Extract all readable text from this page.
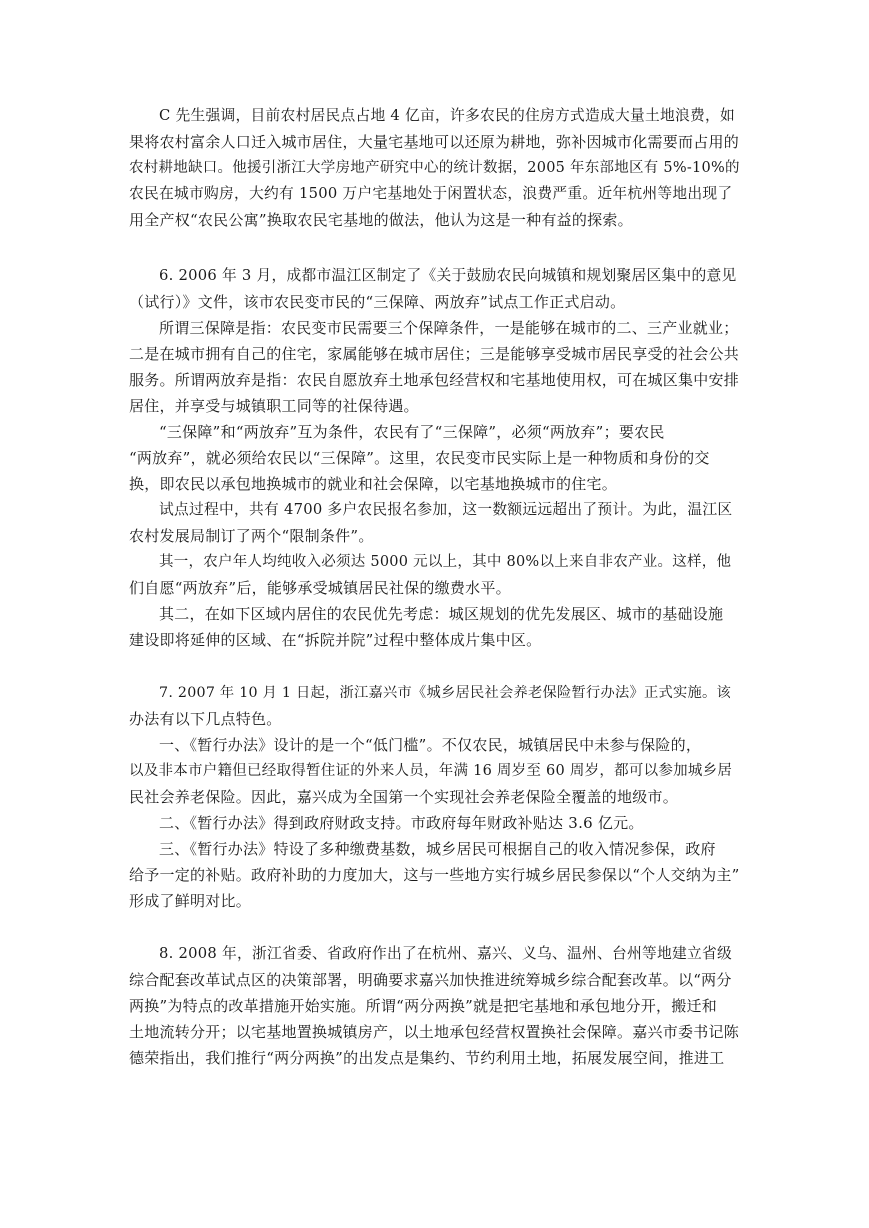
C 先生强调，目前农村居民点占地 4 亿亩，许多农民的住房方式造成大量土地浪费，如
果将农村富余人口迁入城市居住，大量宅基地可以还原为耕地，弥补因城市化需要而占用的
农村耕地缺口。他援引浙江大学房地产研究中心的统计数据，2005 年东部地区有 5%-10%的
农民在城市购房，大约有 1500 万户宅基地处于闲置状态，浪费严重。近年杭州等地出现了
用全产权“农民公寓”换取农民宅基地的做法，他认为这是一种有益的探索。
6. 2006 年 3 月，成都市温江区制定了《关于鼓励农民向城镇和规划聚居区集中的意见
（试行）》文件，该市农民变市民的“三保障、两放弃”试点工作正式启动。
所谓三保障是指：农民变市民需要三个保障条件，一是能够在城市的二、三产业就业；
二是在城市拥有自己的住宅，家属能够在城市居住；三是能够享受城市居民享受的社会公共
服务。所谓两放弃是指：农民自愿放弃土地承包经营权和宅基地使用权，可在城区集中安排
居住，并享受与城镇职工同等的社保待遇。
“三保障”和“两放弃”互为条件，农民有了“三保障”，必须“两放弃”；要农民
“两放弃”，就必须给农民以“三保障”。这里，农民变市民实际上是一种物质和身份的交
换，即农民以承包地换城市的就业和社会保障，以宅基地换城市的住宅。
试点过程中，共有 4700 多户农民报名参加，这一数额远远超出了预计。为此，温江区
农村发展局制订了两个“限制条件”。
其一，农户年人均纯收入必须达 5000 元以上，其中 80%以上来自非农产业。这样，他
们自愿“两放弃”后，能够承受城镇居民社保的缴费水平。
其二，在如下区域内居住的农民优先考虑：城区规划的优先发展区、城市的基础设施
建设即将延伸的区域、在“拆院并院”过程中整体成片集中区。
7. 2007 年 10 月 1 日起，浙江嘉兴市《城乡居民社会养老保险暂行办法》正式实施。该
办法有以下几点特色。
一、《暂行办法》设计的是一个“低门槛”。不仅农民，城镇居民中未参与保险的，
以及非本市户籍但已经取得暂住证的外来人员，年满 16 周岁至 60 周岁，都可以参加城乡居
民社会养老保险。因此，嘉兴成为全国第一个实现社会养老保险全覆盖的地级市。
二、《暂行办法》得到政府财政支持。市政府每年财政补贴达 3.6 亿元。
三、《暂行办法》特设了多种缴费基数，城乡居民可根据自己的收入情况参保，政府
给予一定的补贴。政府补助的力度加大，这与一些地方实行城乡居民参保以“个人交纳为主”
形成了鲜明对比。
8. 2008 年，浙江省委、省政府作出了在杭州、嘉兴、义乌、温州、台州等地建立省级
综合配套改革试点区的决策部署，明确要求嘉兴加快推进统筹城乡综合配套改革。以“两分
两换”为特点的改革措施开始实施。所谓“两分两换”就是把宅基地和承包地分开，搬迁和
土地流转分开；以宅基地置换城镇房产，以土地承包经营权置换社会保障。嘉兴市委书记陈
德荣指出，我们推行“两分两换”的出发点是集约、节约利用土地，拓展发展空间，推进工
